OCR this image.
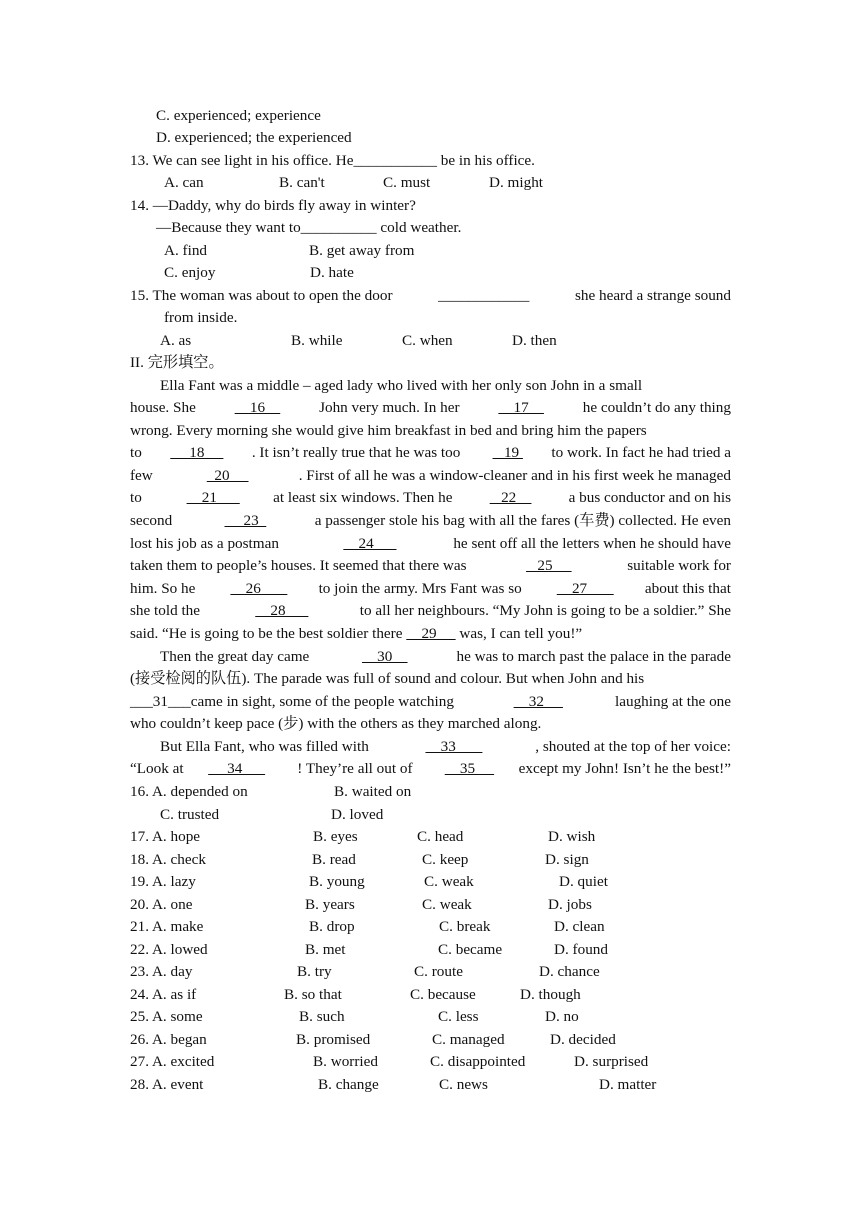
C. experienced; experience
D. experienced; the experienced
13. We can see light in his office. He___________ be in his office.
A. can	B. can't	C. must	D. might
14. —Daddy, why do birds fly away in winter?
—Because they want to__________ cold weather.
A. find	B. get away from
C. enjoy	D. hate
15. The woman was about to open the door	____________	she heard a strange sound
from inside.
A. as	B. while	C. when	D. then
II. 完形填空。
Ella Fant was a middle – aged lady who lived with her only son John in a small
house. She 16 John very much. In her 17 he couldn’t do any thing
wrong. Every morning she would give him breakfast in bed and bring him the papers
to 18 . It isn’t really true that he was too 19 to work. In fact he had tried a
few	20	. First of all he was a window-cleaner and in his first week he managed
to 21 at least six windows. Then he 22 a bus conductor and on his
second	23	a passenger stole his bag with all the fares (车费) collected. He even
lost his job as a postman	24	he sent off all the letters when he should have
taken them to people’s houses. It seemed that there was	25	suitable work for
him. So he 26 to join the army. Mrs Fant was so 27 about this that
she told the	28	to all her neighbours. “My John is going to be a soldier.” She
said. “He is going to be the best soldier there     29      was, I can tell you!”
Then the great day came	30	he was to march past the palace in the parade
(接受检阅的队伍). The parade was full of sound and colour. But when John and his
___31___came in sight, some of the people watching	32	laughing at the one
who couldn’t keep pace (步) with the others as they marched along.
But Ella Fant, who was filled with	33	, shouted at the top of her voice:
“Look at 34 ! They’re all out of 35 except my John! Isn’t he the best!”
16. A. depended on	B. waited on
C. trusted	D. loved
17. A. hope	B. eyes	C. head	D. wish
18. A. check	B. read	C. keep	D. sign
19. A. lazy	B. young	C. weak	D. quiet
20. A. one	B. years	C. weak	D. jobs
21. A. make	B. drop	C. break	D. clean
22. A. lowed	B. met	C. became	D. found
23. A. day	B. try	C. route	D. chance
24. A. as if	B. so that	C. because	D. though
25. A. some	B. such	C. less	D. no
26. A. began	B. promised	C. managed	D. decided
27. A. excited	B. worried	C. disappointed	D. surprised
28. A. event	B. change	C. news	D. matter
